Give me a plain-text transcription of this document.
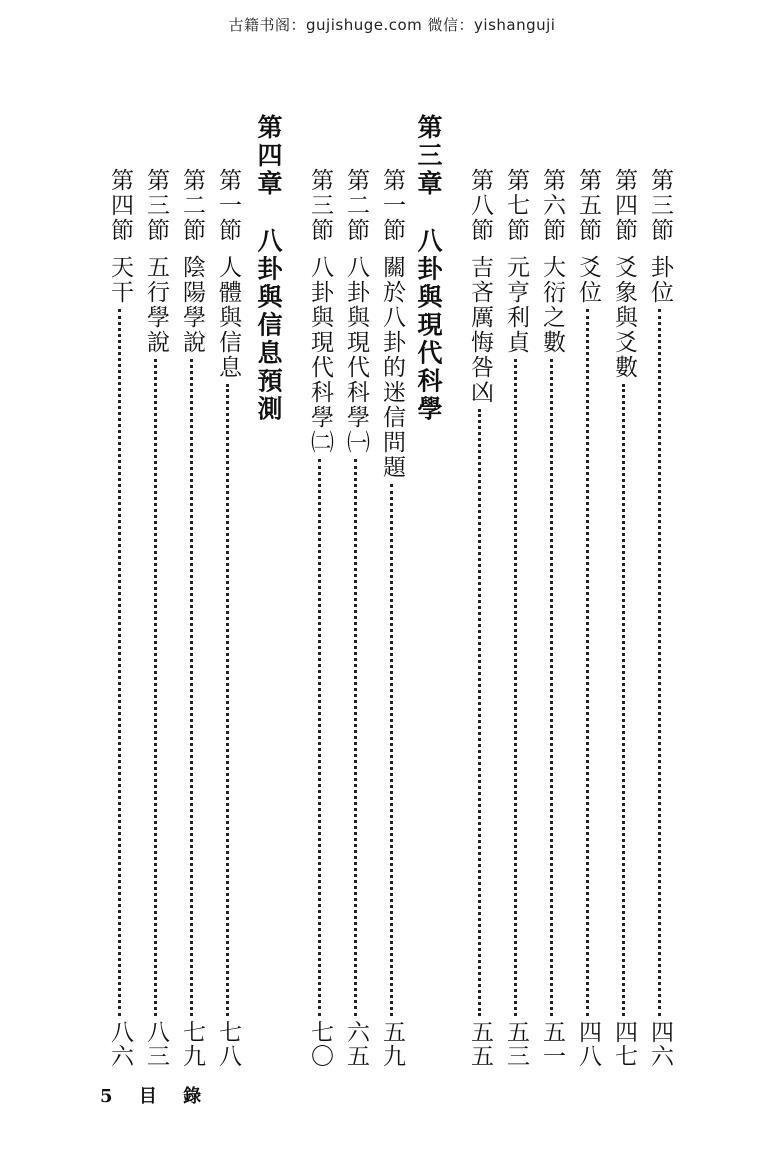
古籍书阁：gujishuge.com 微信：yishanguji
第三節
卦位
四六
第四節
爻象與爻數
四七
第五節
爻位
四八
第六節
大衍之數
五一
第七節
元亨利貞
五三
第八節
吉吝厲悔咎凶
五五
第三章 八卦與現代科學
第一節
關於八卦的迷信問題
五九
第二節
八卦與現代科學㈠
六五
第三節
八卦與現代科學㈡
七〇
第四章 八卦與信息預測
第一節
人體與信息
七八
第二節
陰陽學說
七九
第三節
五行學說
八三
第四節
天干
八六
5 目 錄
